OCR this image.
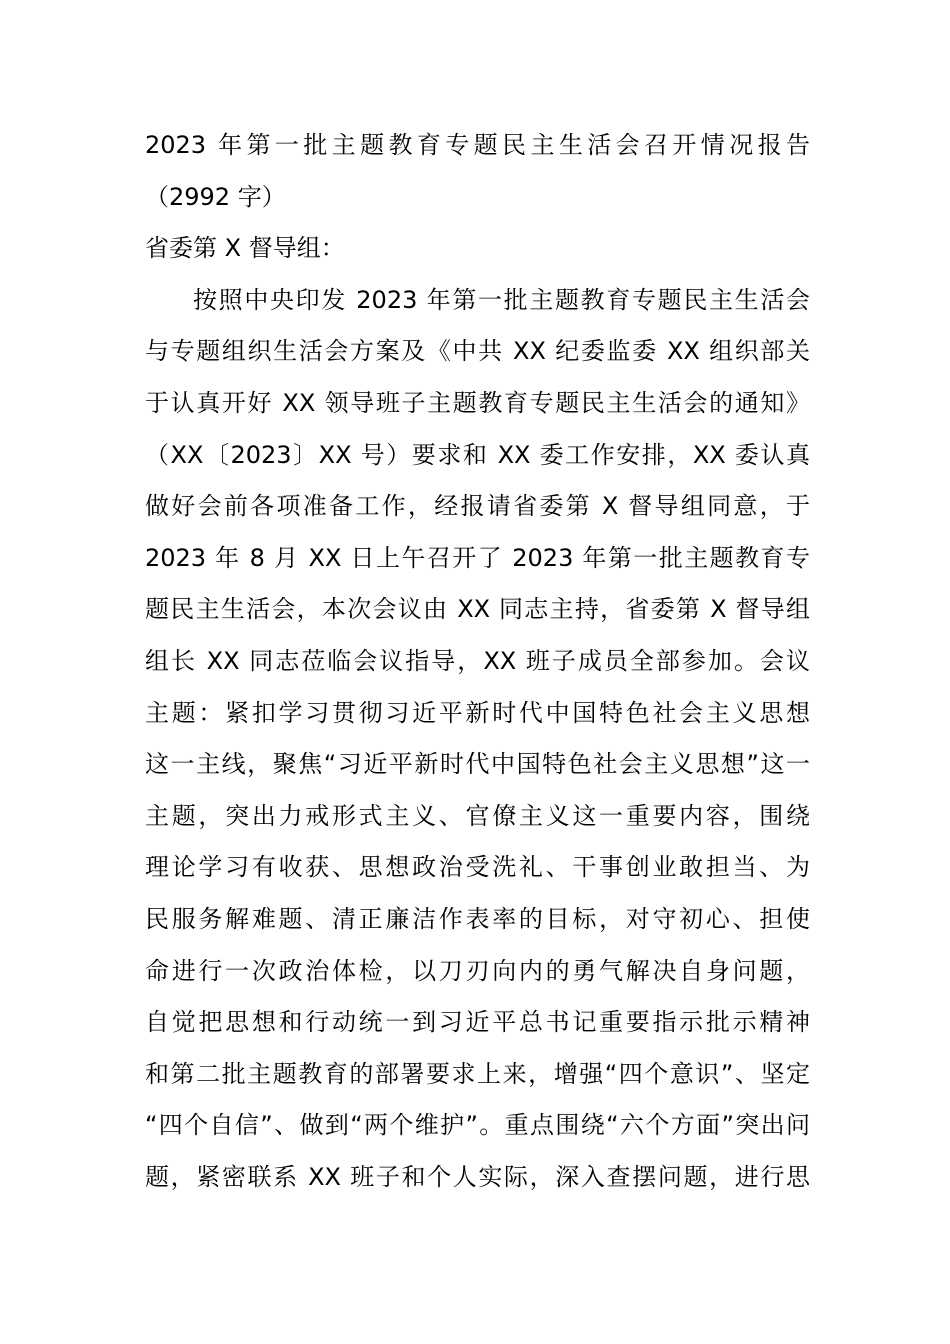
2023 年第一批主题教育专题民主生活会召开情况报告
（2992 字）
省委第 X 督导组：
按照中央印发 2023 年第一批主题教育专题民主生活会
与专题组织生活会方案及《中共 XX 纪委监委 XX 组织部关
于认真开好 XX 领导班子主题教育专题民主生活会的通知》
（XX〔2023〕XX 号）要求和 XX 委工作安排，XX 委认真
做好会前各项准备工作，经报请省委第 X 督导组同意，于
2023 年 8 月 XX 日上午召开了 2023 年第一批主题教育专
题民主生活会，本次会议由 XX 同志主持，省委第 X 督导组
组长 XX 同志莅临会议指导，XX 班子成员全部参加。会议
主题：紧扣学习贯彻习近平新时代中国特色社会主义思想
这一主线，聚焦“习近平新时代中国特色社会主义思想”这一
主题，突出力戒形式主义、官僚主义这一重要内容，围绕
理论学习有收获、思想政治受洗礼、干事创业敢担当、为
民服务解难题、清正廉洁作表率的目标，对守初心、担使
命进行一次政治体检，以刀刃向内的勇气解决自身问题，
自觉把思想和行动统一到习近平总书记重要指示批示精神
和第二批主题教育的部署要求上来，增强“四个意识”、坚定
“四个自信”、做到“两个维护”。重点围绕“六个方面”突出问
题，紧密联系 XX 班子和个人实际，深入查摆问题，进行思
